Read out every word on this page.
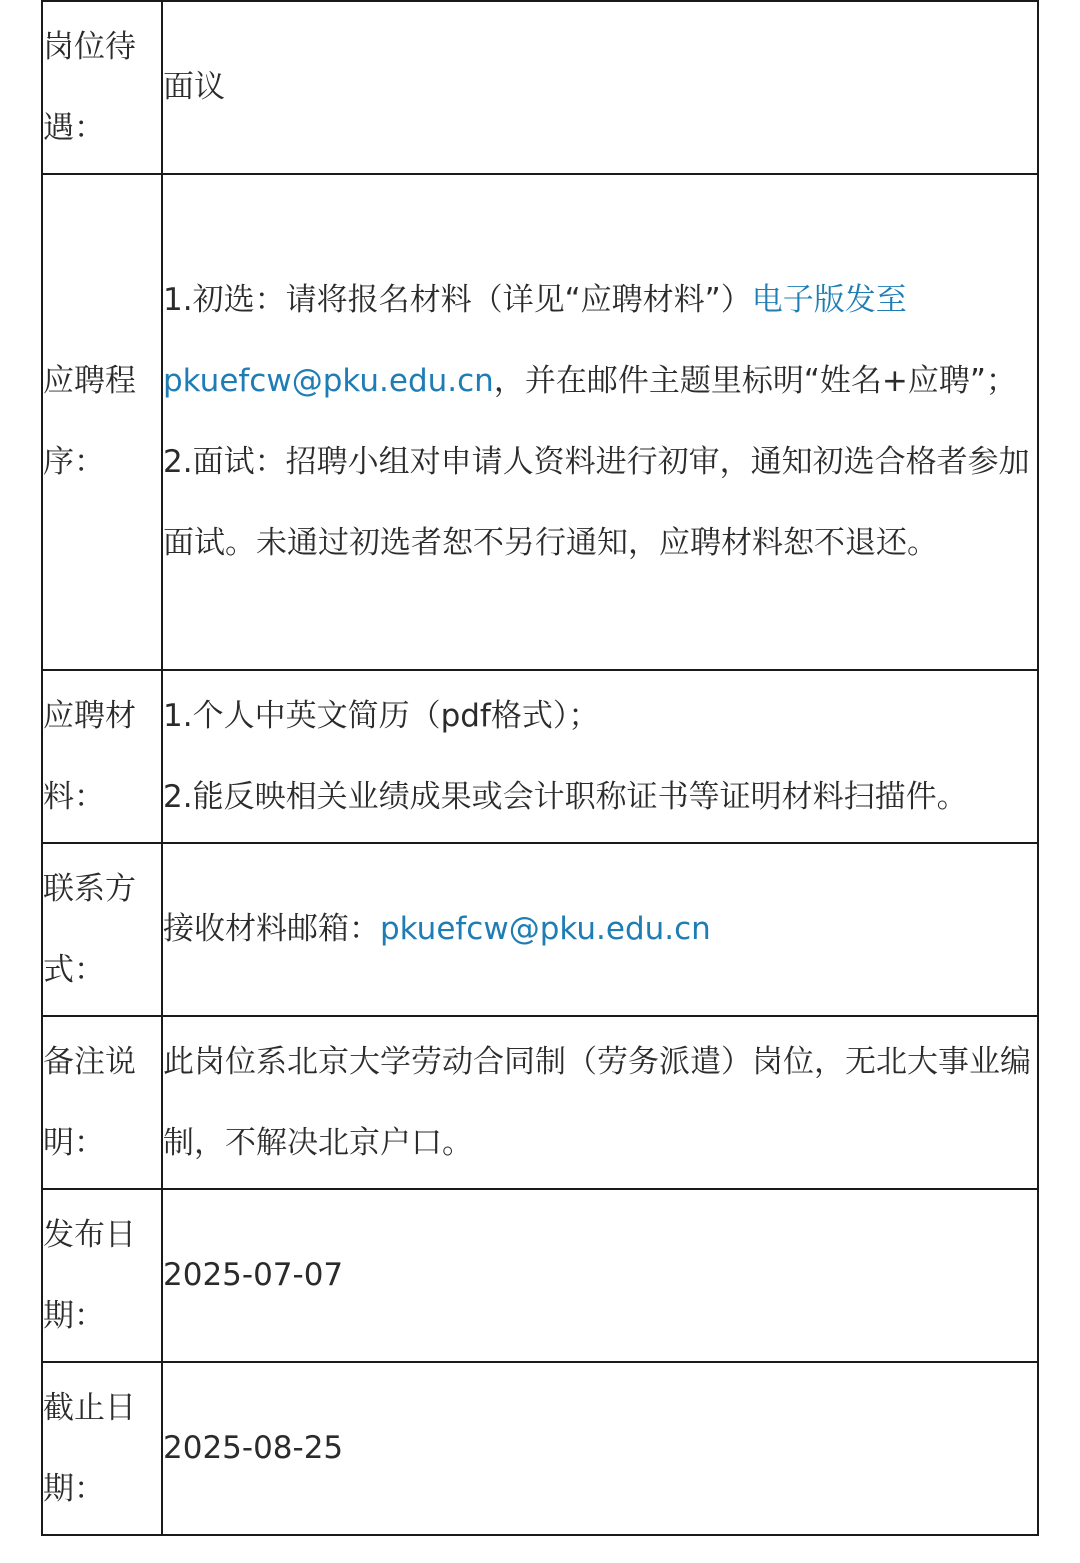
岗位待遇：	面议
应聘程序：	1.初选：请将报名材料（详见“应聘材料”）电子版发至pkuefcw@pku.edu.cn，并在邮件主题里标明“姓名+应聘”；
2.面试：招聘小组对申请人资料进行初审，通知初选合格者参加面试。未通过初选者恕不另行通知，应聘材料恕不退还。

应聘材料：	1.个人中英文简历（pdf格式）；
2.能反映相关业绩成果或会计职称证书等证明材料扫描件。

联系方式：	接收材料邮箱：pkuefcw@pku.edu.cn
备注说明：	此岗位系北京大学劳动合同制（劳务派遣）岗位，无北大事业编制，不解决北京户口。
发布日期：	2025-07-07
截止日期：	2025-08-25
